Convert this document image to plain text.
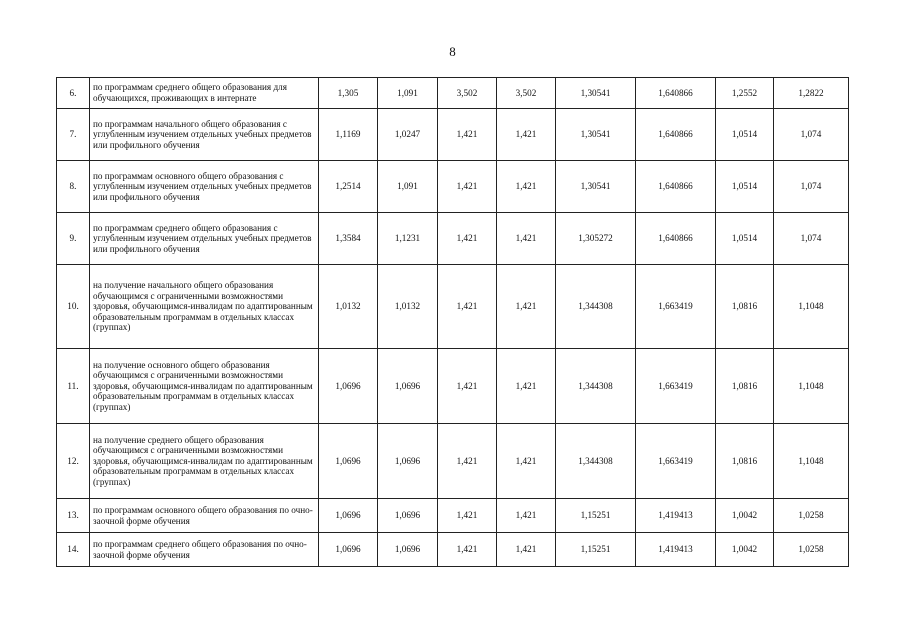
8
6.	по программам среднего общего образования для обучающихся, проживающих в интернате	1,305	1,091	3,502	3,502	1,30541	1,640866	1,2552	1,2822
7.	по программам начального общего образования с углубленным изучением отдельных учебных предметов или профильного обучения	1,1169	1,0247	1,421	1,421	1,30541	1,640866	1,0514	1,074
8.	по программам основного общего образования с углубленным изучением отдельных учебных предметов или профильного обучения	1,2514	1,091	1,421	1,421	1,30541	1,640866	1,0514	1,074
9.	по программам среднего общего образования с углубленным изучением отдельных учебных предметов или профильного обучения	1,3584	1,1231	1,421	1,421	1,305272	1,640866	1,0514	1,074
10.	на получение начального общего образования обучающимся с ограниченными возможностями здоровья, обучающимся-инвалидам по адаптированным образовательным программам в отдельных классах (группах)	1,0132	1,0132	1,421	1,421	1,344308	1,663419	1,0816	1,1048
11.	на получение основного общего образования обучающимся с ограниченными возможностями здоровья, обучающимся-инвалидам по адаптированным образовательным программам в отдельных классах (группах)	1,0696	1,0696	1,421	1,421	1,344308	1,663419	1,0816	1,1048
12.	на получение среднего общего образования обучающимся с ограниченными возможностями здоровья, обучающимся-инвалидам по адаптированным образовательным программам в отдельных классах (группах)	1,0696	1,0696	1,421	1,421	1,344308	1,663419	1,0816	1,1048
13.	по программам основного общего образования по очно-заочной форме обучения	1,0696	1,0696	1,421	1,421	1,15251	1,419413	1,0042	1,0258
14.	по программам среднего общего образования по очно-заочной форме обучения	1,0696	1,0696	1,421	1,421	1,15251	1,419413	1,0042	1,0258
